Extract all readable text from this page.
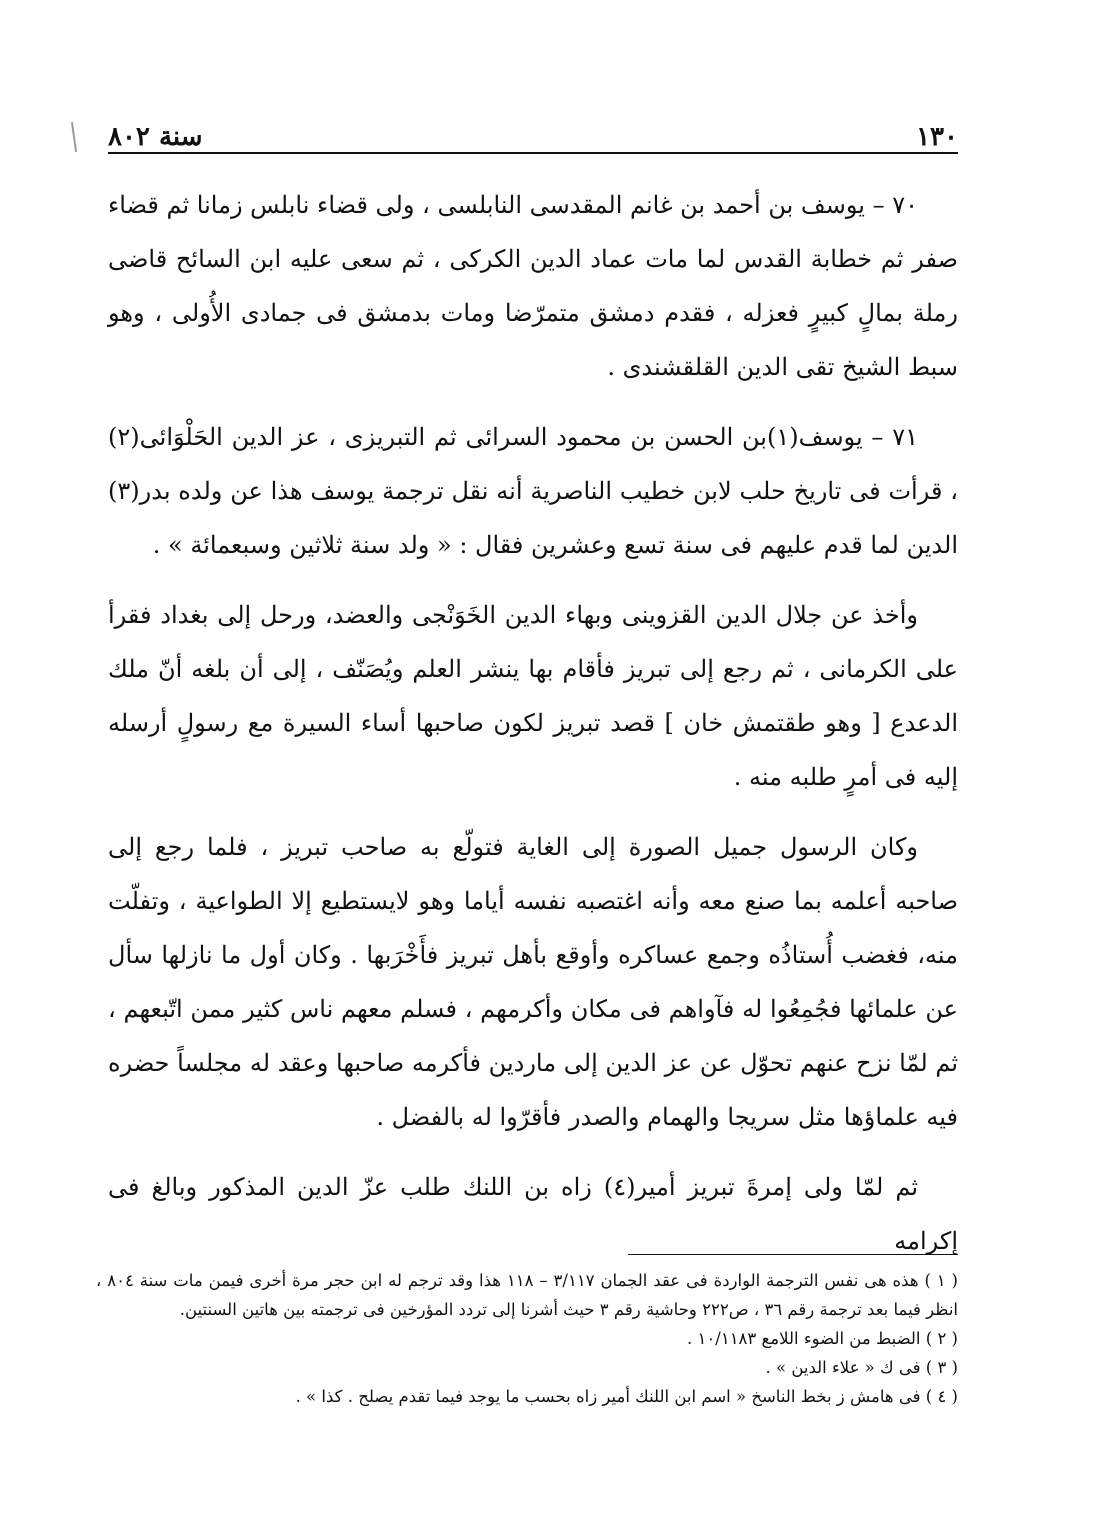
١٣٠
سنة ٨٠٢

٧٠ – يوسف بن أحمد بن غانم المقدسى النابلسى ، ولى قضاء نابلس زمانا ثم قضاء صفر ثم خطابة القدس لما مات عماد الدين الكركى ، ثم سعى عليه ابن السائح قاضى رملة بمالٍ كبيرٍ فعزله ، فقدم دمشق متمرّضا ومات بدمشق فى جمادى الأُولى ، وهو سبط الشيخ تقى الدين القلقشندى .

٧١ – يوسف(١)بن الحسن بن محمود السرائى ثم التبريزى ، عز الدين الحَلْوَائى(٢) ، قرأت فى تاريخ حلب لابن خطيب الناصرية أنه نقل ترجمة يوسف هذا عن ولده بدر(٣) الدين لما قدم عليهم فى سنة تسع وعشرين فقال : « ولد سنة ثلاثين وسبعمائة » .

وأخذ عن جلال الدين القزوينى وبهاء الدين الخَوَنْجى والعضد، ورحل إلى بغداد فقرأ على الكرمانى ، ثم رجع إلى تبريز فأقام بها ينشر العلم ويُصَنّف ، إلى أن بلغه أنّ ملك الدعدع [ وهو طقتمش خان ] قصد تبريز لكون صاحبها أساء السيرة مع رسولٍ أرسله إليه فى أمرٍ طلبه منه .

وكان الرسول جميل الصورة إلى الغاية فتولّع به صاحب تبريز ، فلما رجع إلى صاحبه أعلمه بما صنع معه وأنه اغتصبه نفسه أياما وهو لايستطيع إلا الطواعية ، وتفلّت منه، فغضب أُستاذُه وجمع عساكره وأوقع بأهل تبريز فأَخْرَبها . وكان أول ما نازلها سأل عن علمائها فجُمِعُوا له فآواهم فى مكان وأكرمهم ، فسلم معهم ناس كثير ممن اتّبعهم ، ثم لمّا نزح عنهم تحوّل عن عز الدين إلى ماردين فأكرمه صاحبها وعقد له مجلساً حضره فيه علماؤها مثل سريجا والهمام والصدر فأقرّوا له بالفضل .

ثم لمّا ولى إمرةَ تبريز أمير(٤) زاه بن اللنك طلب عزّ الدين المذكور وبالغ فى إكرامه

( ١ ) هذه هى نفس الترجمة الواردة فى عقد الجمان ٣/١١٧ – ١١٨ هذا وقد ترجم له ابن حجر مرة أخرى فيمن مات سنة ٨٠٤ ، انظر فيما بعد ترجمة رقم ٣٦ ، ص٢٢٢ وحاشية رقم ٣ حيث أشرنا إلى تردد المؤرخين فى ترجمته بين هاتين السنتين.

( ٢ ) الضبط من الضوء اللامع ١٠/١١٨٣ .

( ٣ ) فى ك « علاء الدين » .

( ٤ ) فى هامش ز بخط الناسخ « اسم ابن اللنك أمير زاه بحسب ما يوجد فيما تقدم يصلح . كذا » .
